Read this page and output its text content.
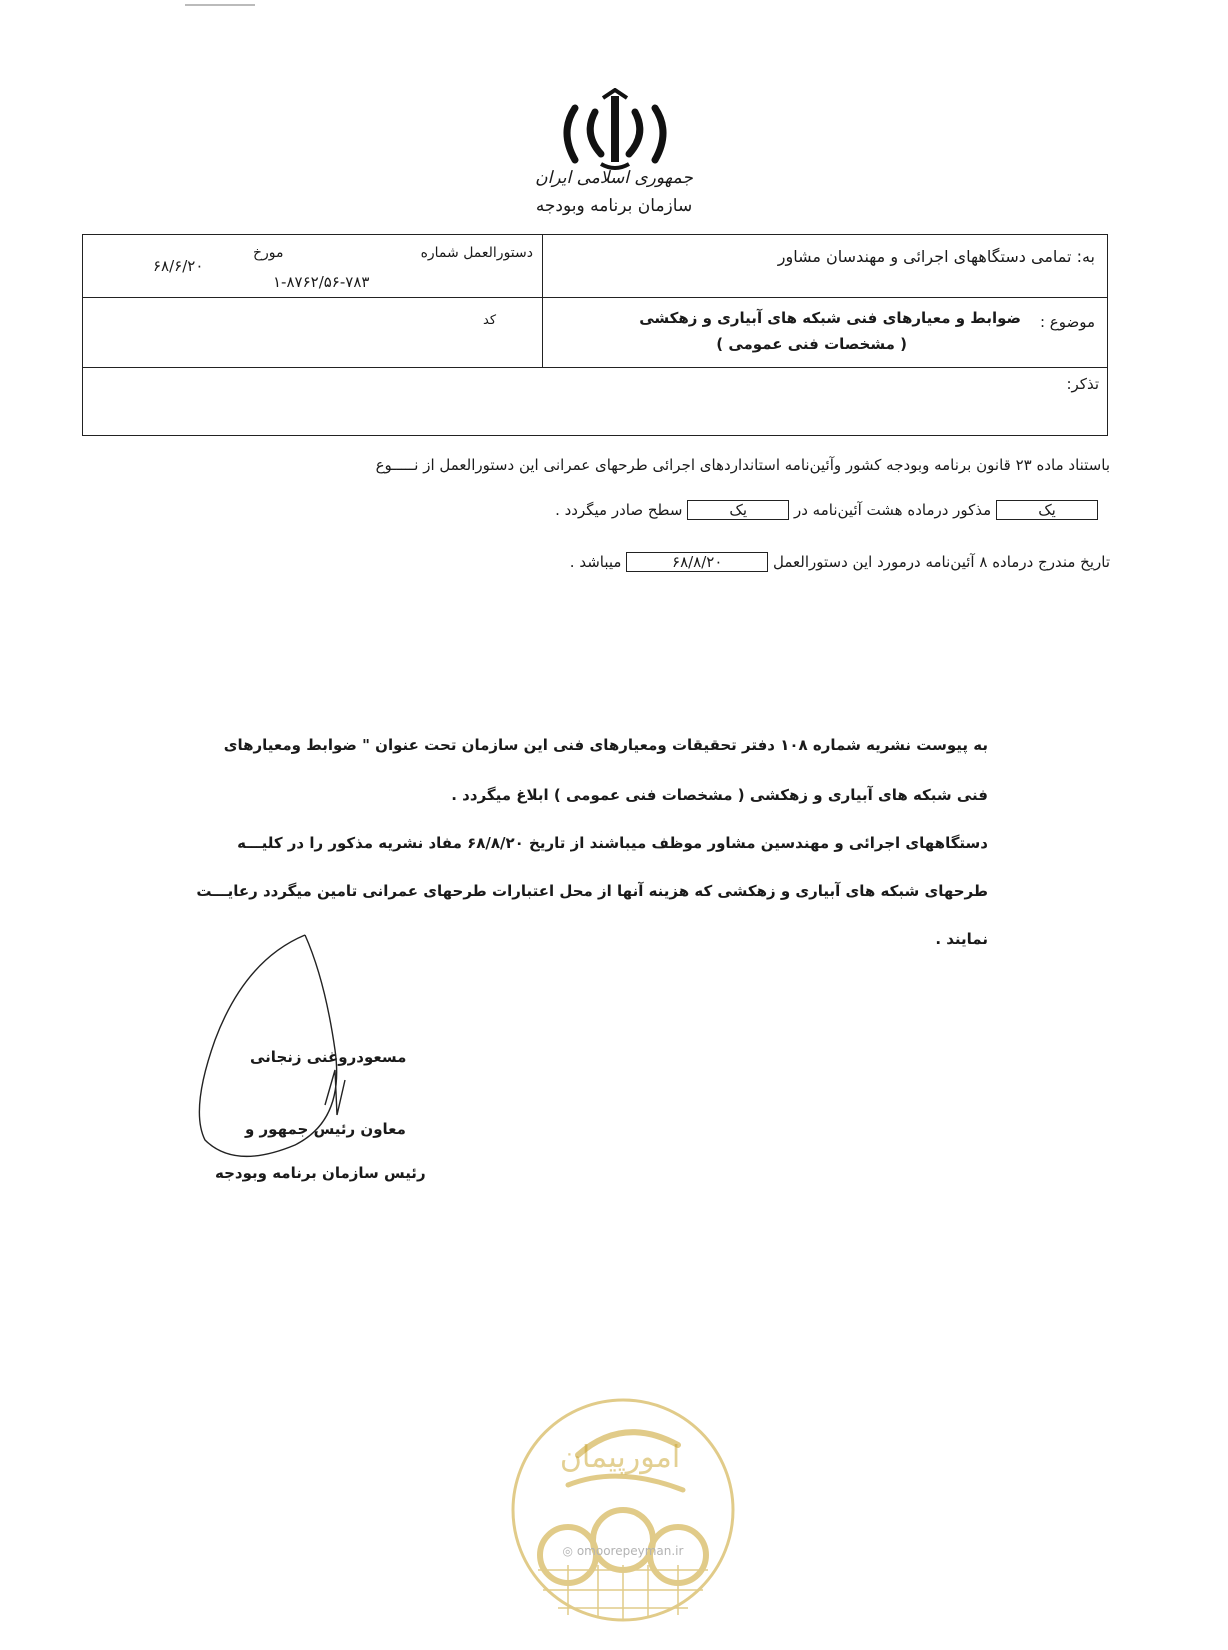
جمهوری اسلامی ایران
سازمان برنامه وبودجه
به: تمامی دستگاههای اجرائی و مهندسان مشاور
دستورالعمل شماره
مورخ
۶۸/۶/۲۰
۱-۸۷۶۲/۵۶-۷۸۳
موضوع :
ضوابط و معیارهای فنی شبکه های آبیاری و زهکشی
( مشخصات فنی عمومی )
کد
تذکر:
باستناد ماده ۲۳ قانون برنامه وبودجه کشور وآئین‌نامه استانداردهای اجرائی طرحهای عمرانی این دستورالعمل از نـــــوع
یک مذکور درماده هشت آئین‌نامه در یک سطح صادر میگردد .
تاریخ مندرج درماده ۸ آئین‌نامه درمورد این دستورالعمل ۶۸/۸/۲۰ میباشد .
به پیوست نشریه شماره ۱۰۸ دفتر تحقیقات ومعیارهای فنی این سازمان تحت عنوان " ضوابط ومعیارهای
فنی شبکه های آبیاری و زهکشی ( مشخصات فنی عمومی ) ابلاغ میگردد .
دستگاههای اجرائی و مهندسین مشاور موظف میباشند از تاریخ ۶۸/۸/۲۰ مفاد نشریه مذکور را در کلیـــه
طرحهای شبکه های آبیاری و زهکشی که هزینه آنها از محل اعتبارات طرحهای عمرانی تامین میگردد رعایـــت
نمایند .
مسعودروغنی زنجانی
معاون رئیس جمهور و
رئیس سازمان برنامه وبودجه
امورپیمان
◎ omoorepeyman.ir
